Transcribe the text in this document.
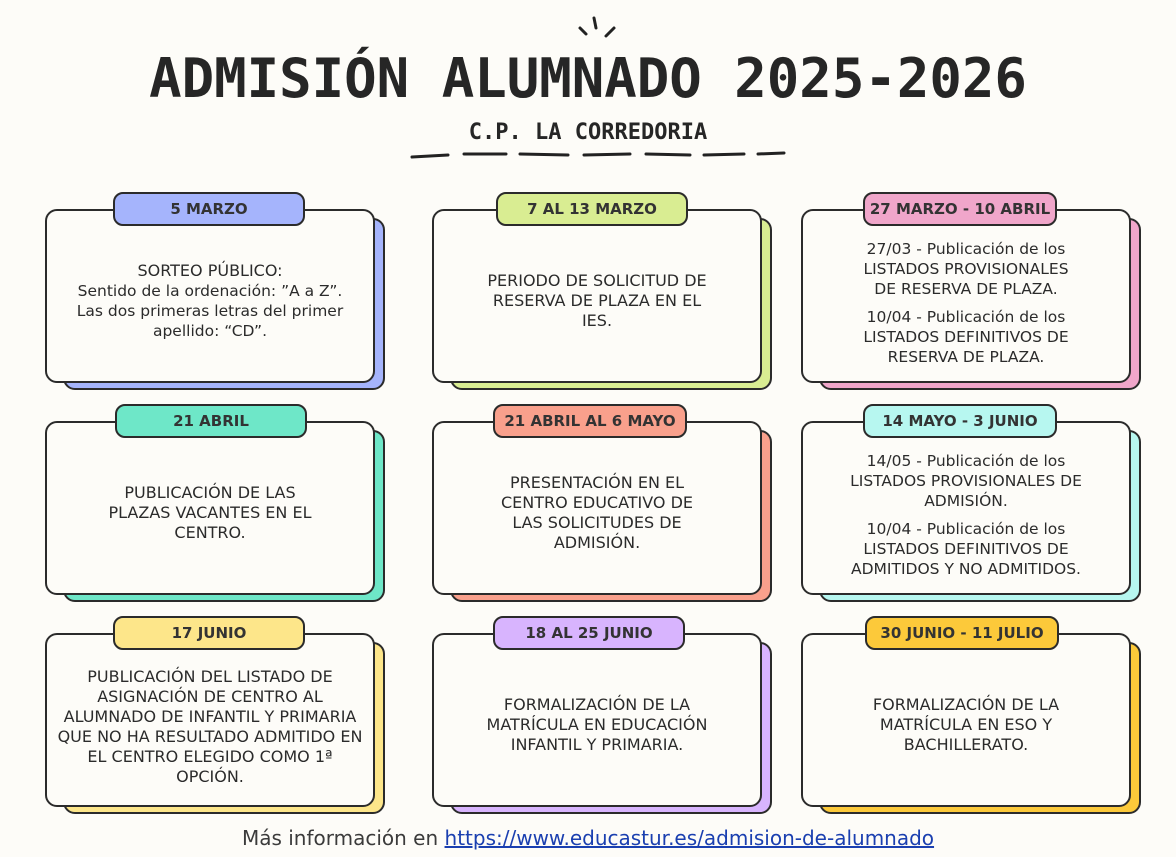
ADMISIÓN ALUMNADO 2025-2026
C.P. LA CORREDORIA
SORTEO PÚBLICO:
Sentido de la ordenación: ”A a Z”.
Las dos primeras letras del primer apellido: “CD”.
5 MARZO
PERIODO DE SOLICITUD DE RESERVA DE PLAZA EN EL IES.
7 AL 13 MARZO
27/03 - Publicación de los LISTADOS PROVISIONALES DE RESERVA DE PLAZA.
10/04 - Publicación de los LISTADOS DEFINITIVOS DE RESERVA DE PLAZA.
27 MARZO - 10 ABRIL
PUBLICACIÓN DE LAS PLAZAS VACANTES EN EL CENTRO.
21 ABRIL
PRESENTACIÓN EN EL CENTRO EDUCATIVO DE LAS SOLICITUDES DE ADMISIÓN.
21 ABRIL AL 6 MAYO
14/05 - Publicación de los LISTADOS PROVISIONALES DE ADMISIÓN.
10/04 - Publicación de los LISTADOS DEFINITIVOS DE ADMITIDOS Y NO ADMITIDOS.
14 MAYO - 3 JUNIO
PUBLICACIÓN DEL LISTADO DE ASIGNACIÓN DE CENTRO AL ALUMNADO DE INFANTIL Y PRIMARIA QUE NO HA RESULTADO ADMITIDO EN EL CENTRO ELEGIDO COMO 1ª OPCIÓN.
17 JUNIO
FORMALIZACIÓN DE LA MATRÍCULA EN EDUCACIÓN INFANTIL Y PRIMARIA.
18 AL 25 JUNIO
FORMALIZACIÓN DE LA MATRÍCULA EN ESO Y BACHILLERATO.
30 JUNIO - 11 JULIO
Más información en https://www.educastur.es/admision-de-alumnado
